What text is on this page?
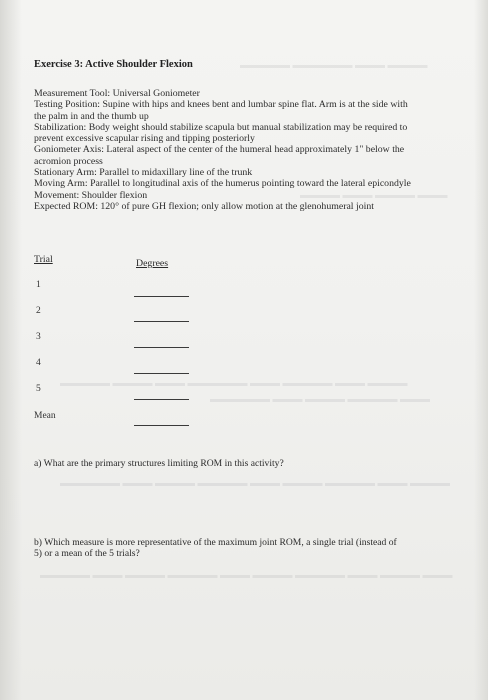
▬▬▬▬ ▬▬▬ ▬▬▬▬▬▬ ▬▬▬▬▬
▬▬▬ ▬▬▬▬ ▬▬▬ ▬▬▬▬
▬▬▬▬ ▬▬▬ ▬▬▬▬▬ ▬▬▬ ▬▬▬▬▬▬ ▬▬▬ ▬▬▬▬ ▬▬▬▬▬
▬▬▬ ▬▬▬▬▬ ▬▬▬▬ ▬▬▬ ▬▬▬▬▬▬
▬▬▬▬ ▬▬▬ ▬▬▬▬▬ ▬▬▬▬ ▬▬▬ ▬▬▬▬▬ ▬▬▬▬ ▬▬▬ ▬▬▬▬▬▬
▬▬▬ ▬▬▬▬ ▬▬▬ ▬▬▬▬▬ ▬▬▬▬ ▬▬▬ ▬▬▬▬▬ ▬▬▬▬ ▬▬▬ ▬▬▬▬▬
Exercise 3: Active Shoulder Flexion
Measurement Tool: Universal Goniometer
Testing Position: Supine with hips and knees bent and lumbar spine flat. Arm is at the side with
the palm in and the thumb up
Stabilization: Body weight should stabilize scapula but manual stabilization may be required to
prevent excessive scapular rising and tipping posteriorly
Goniometer Axis: Lateral aspect of the center of the humeral head approximately 1" below the
acromion process
Stationary Arm: Parallel to midaxillary line of the trunk
Moving Arm: Parallel to longitudinal axis of the humerus pointing toward the lateral epicondyle
Movement: Shoulder flexion
Expected ROM: 120° of pure GH flexion; only allow motion at the glenohumeral joint
Trial	Degrees
1
2
3
4
5
Mean
a) What are the primary structures limiting ROM in this activity?
b) Which measure is more representative of the maximum joint ROM, a single trial (instead of
5) or a mean of the 5 trials?
